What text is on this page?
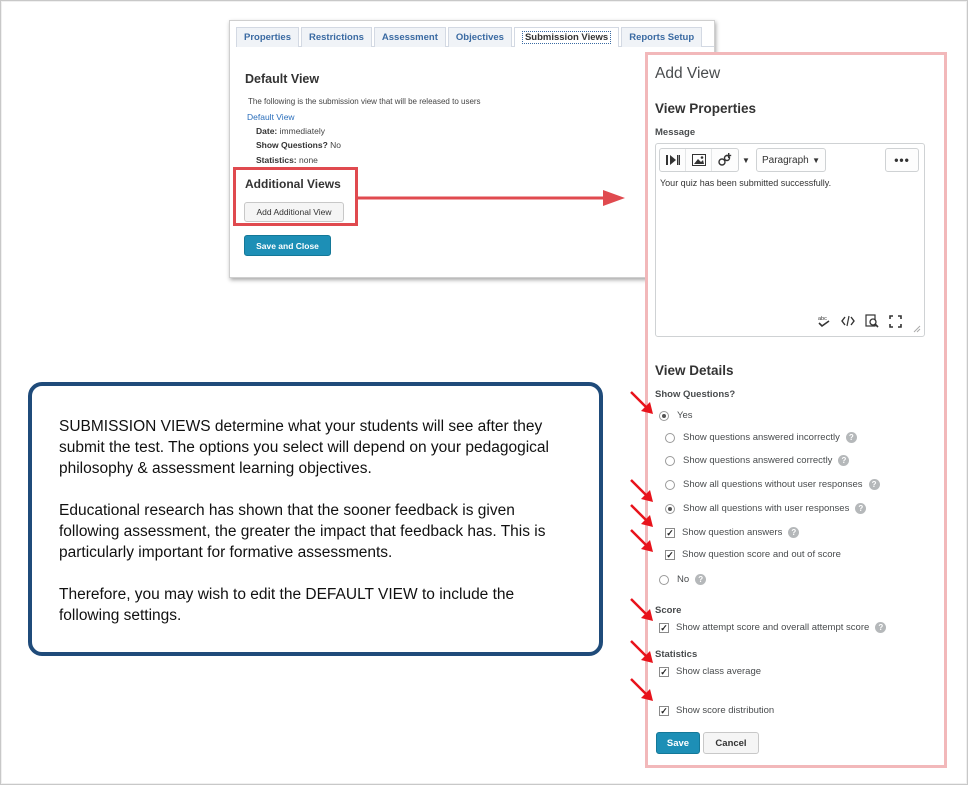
Properties	Restrictions	Assessment	Objectives	Submission Views	Reports Setup
Default View
The following is the submission view that will be released to users
Default View
Date: immediately
Show Questions? No
Statistics: none
Additional Views
Add Additional View
Save and Close
Add View
View Properties
Message
▼	Paragraph ▼	•••
Your quiz has been submitted successfully.
abc
View Details
Show Questions?
Yes
Show questions answered incorrectly	?
Show questions answered correctly	?
Show all questions without user responses	?
Show all questions with user responses	?
✓ Show question answers	?
✓ Show question score and out of score
No	?
Score
✓ Show attempt score and overall attempt score	?
Statistics
✓ Show class average
✓ Show score distribution
Save	Cancel

SUBMISSION VIEWS determine what your students will see after they submit the test. The options you select will depend on your pedagogical philosophy & assessment learning objectives.

Educational research has shown that the sooner feedback is given following assessment, the greater the impact that feedback has. This is particularly important for formative assessments.

Therefore, you may wish to edit the DEFAULT VIEW to include the following settings.
